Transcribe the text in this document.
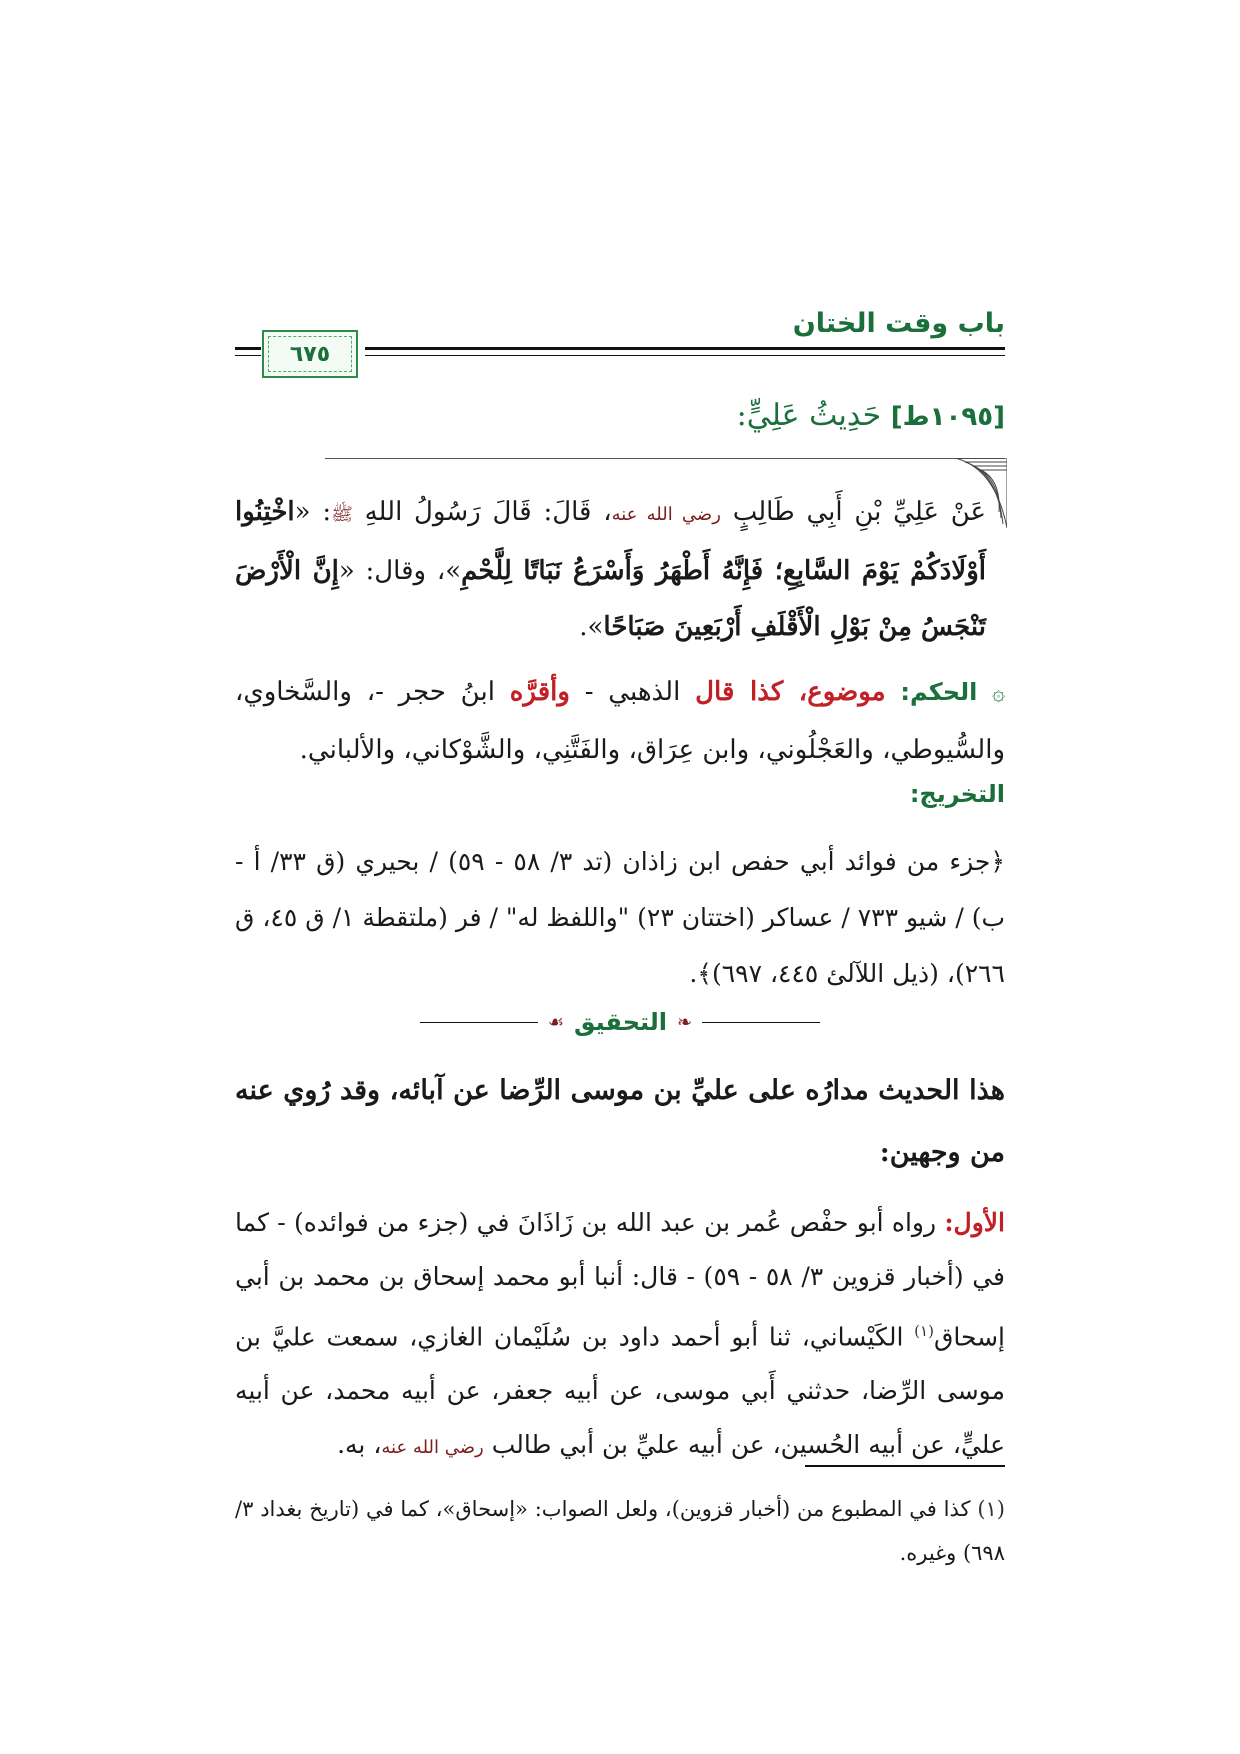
باب وقت الختان
٦٧٥
[١٠٩٥ط] حَدِيثُ عَلِيٍّ:

عَنْ عَلِيِّ بْنِ أَبِي طَالِبٍ رضي الله عنه، قَالَ: قَالَ رَسُولُ اللهِ ﷺ: «اخْتِنُوا أَوْلَادَكُمْ يَوْمَ السَّابِعِ؛ فَإِنَّهُ أَطْهَرُ وَأَسْرَعُ نَبَاتًا لِلَّحْمِ»، وقال: «إِنَّ الْأَرْضَ تَنْجَسُ مِنْ بَوْلِ الْأَقْلَفِ أَرْبَعِينَ صَبَاحًا».

۞ الحكم: موضوع، كذا قال الذهبي - وأقرَّه ابنُ حجر -، والسَّخاوي، والسُّيوطي، والعَجْلُوني، وابن عِرَاق، والفَتَّنِي، والشَّوْكاني، والألباني.

التخريج:

﴿جزء من فوائد أبي حفص ابن زاذان (تد ٣/ ٥٨ - ٥٩) / بحيري (ق ٣٣/ أ - ب) / شيو ٧٣٣ / عساكر (اختتان ٢٣) "واللفظ له" / فر (ملتقطة ١/ ق ٤٥، ق ٢٦٦)، (ذيل اللآلئ ٤٤٥، ٦٩٧)﴾.

❧
التحقيق
☙

هذا الحديث مدارُه على عليِّ بن موسى الرِّضا عن آبائه، وقد رُوي عنه من وجهين:

الأول: رواه أبو حفْص عُمر بن عبد الله بن زَاذَانَ في (جزء من فوائده) - كما في (أخبار قزوين ٣/ ٥٨ - ٥٩) - قال: أنبا أبو محمد إسحاق بن محمد بن أبي إسحاق$^{(١)}$ الكَيْساني، ثنا أبو أحمد داود بن سُلَيْمان الغازي، سمعت عليَّ بن موسى الرِّضا، حدثني أَبي موسى، عن أبيه جعفر، عن أبيه محمد، عن أبيه عليٍّ، عن أبيه الحُسين، عن أبيه عليِّ بن أبي طالب رضي الله عنه، به.

(١) كذا في المطبوع من (أخبار قزوين)، ولعل الصواب: «إسحاق»، كما في (تاريخ بغداد ٣/ ٦٩٨) وغيره.
